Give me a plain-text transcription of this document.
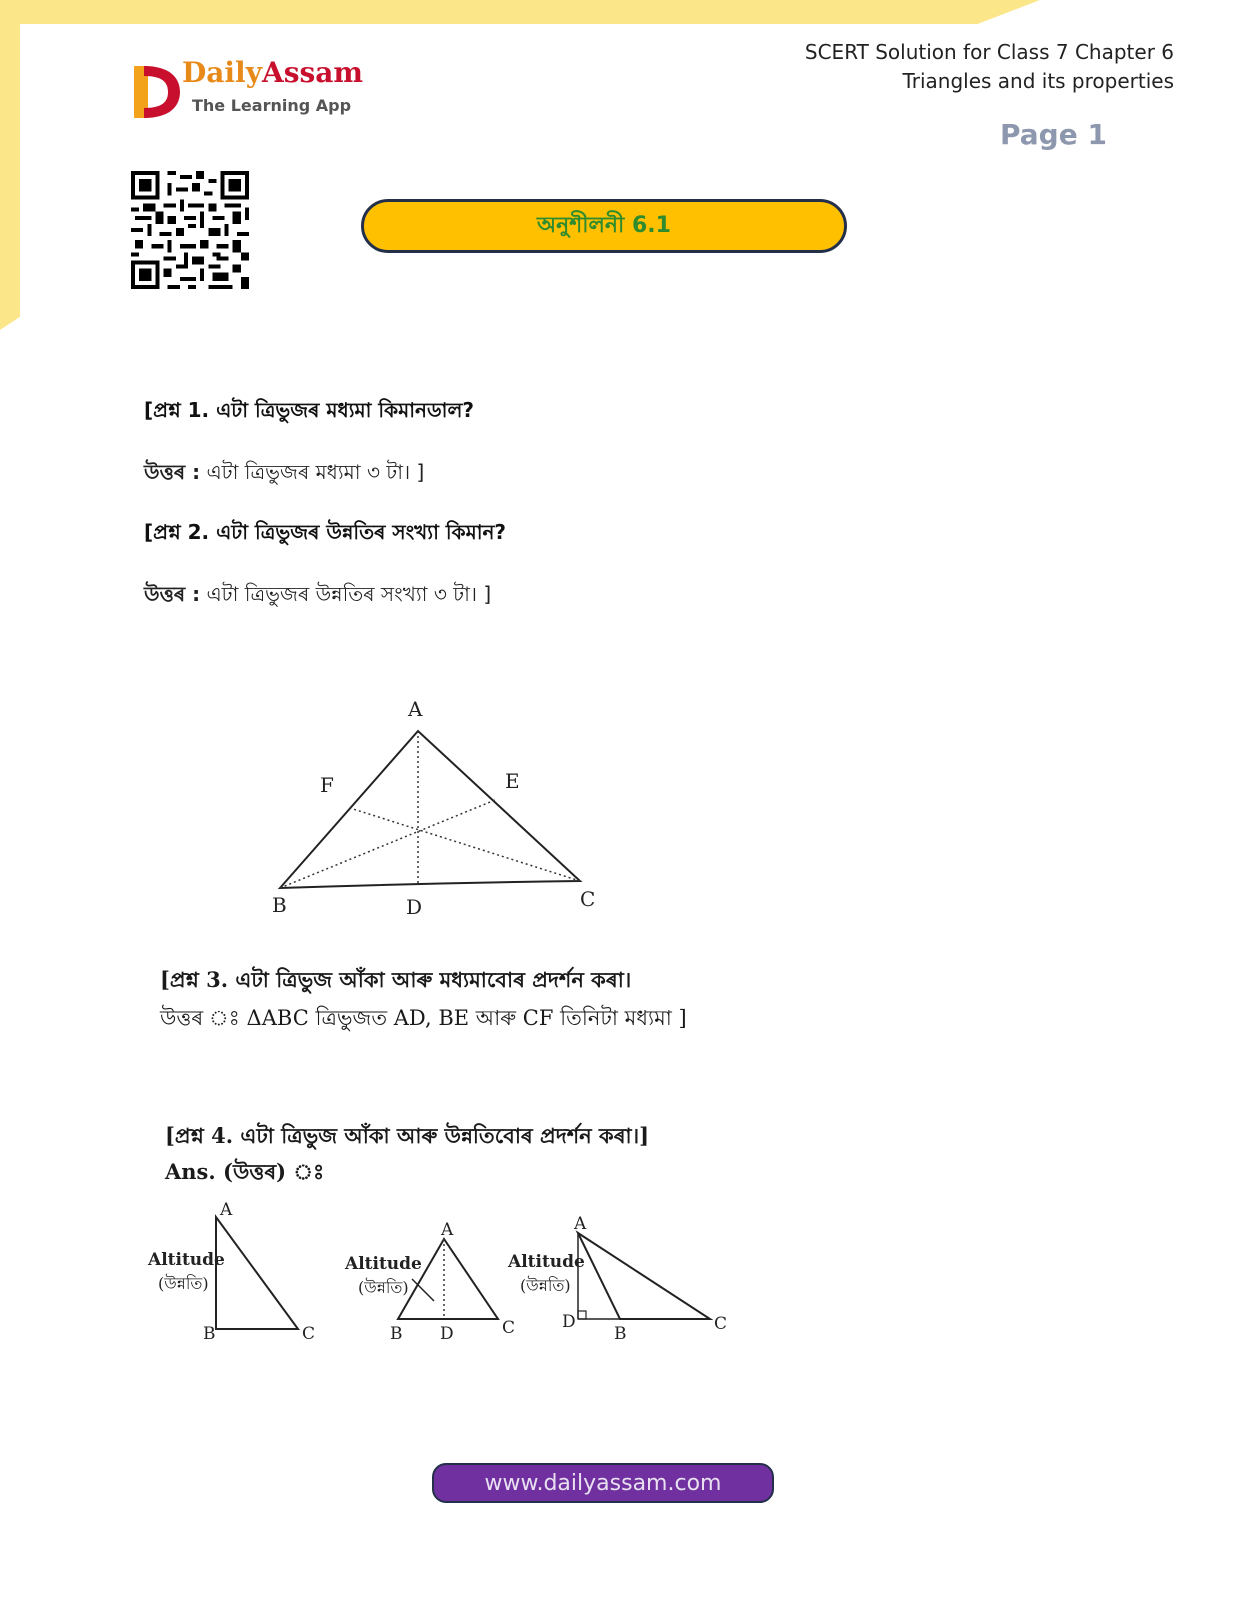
DailyAssam
The Learning App
SCERT Solution for Class 7 Chapter 6
Triangles and its properties
Page 1
অনুশীলনী 6.1
[প্রশ্ন 1. এটা ত্রিভুজৰ মধ্যমা কিমানডাল?
উত্তৰ : এটা ত্ৰিভুজৰ মধ্যমা ৩ টা। ]
[প্রশ্ন 2. এটা ত্রিভুজৰ উন্নতিৰ সংখ্যা কিমান?
উত্তৰ : এটা ত্ৰিভুজৰ উন্নতিৰ সংখ্যা ৩ টা। ]
A
F	E
B	D	C
[প্রশ্ন 3. এটা ত্রিভুজ আঁকা আৰু মধ্যমাবোৰ প্ৰদৰ্শন কৰা।
উত্তৰ ঃ ΔABC ত্রিভুজত AD, BE আৰু CF তিনিটা মধ্যমা ]
[প্রশ্ন 4. এটা ত্রিভুজ আঁকা আৰু উন্নতিবোৰ প্ৰদৰ্শন কৰা।]
Ans. (উত্তৰ) ঃ
A
B	C
Altitude
(উন্নতি)
A
B D	C
Altitude
(উন্নতি)
A
D
B	C
Altitude
(উন্নতি)
www.dailyassam.com
